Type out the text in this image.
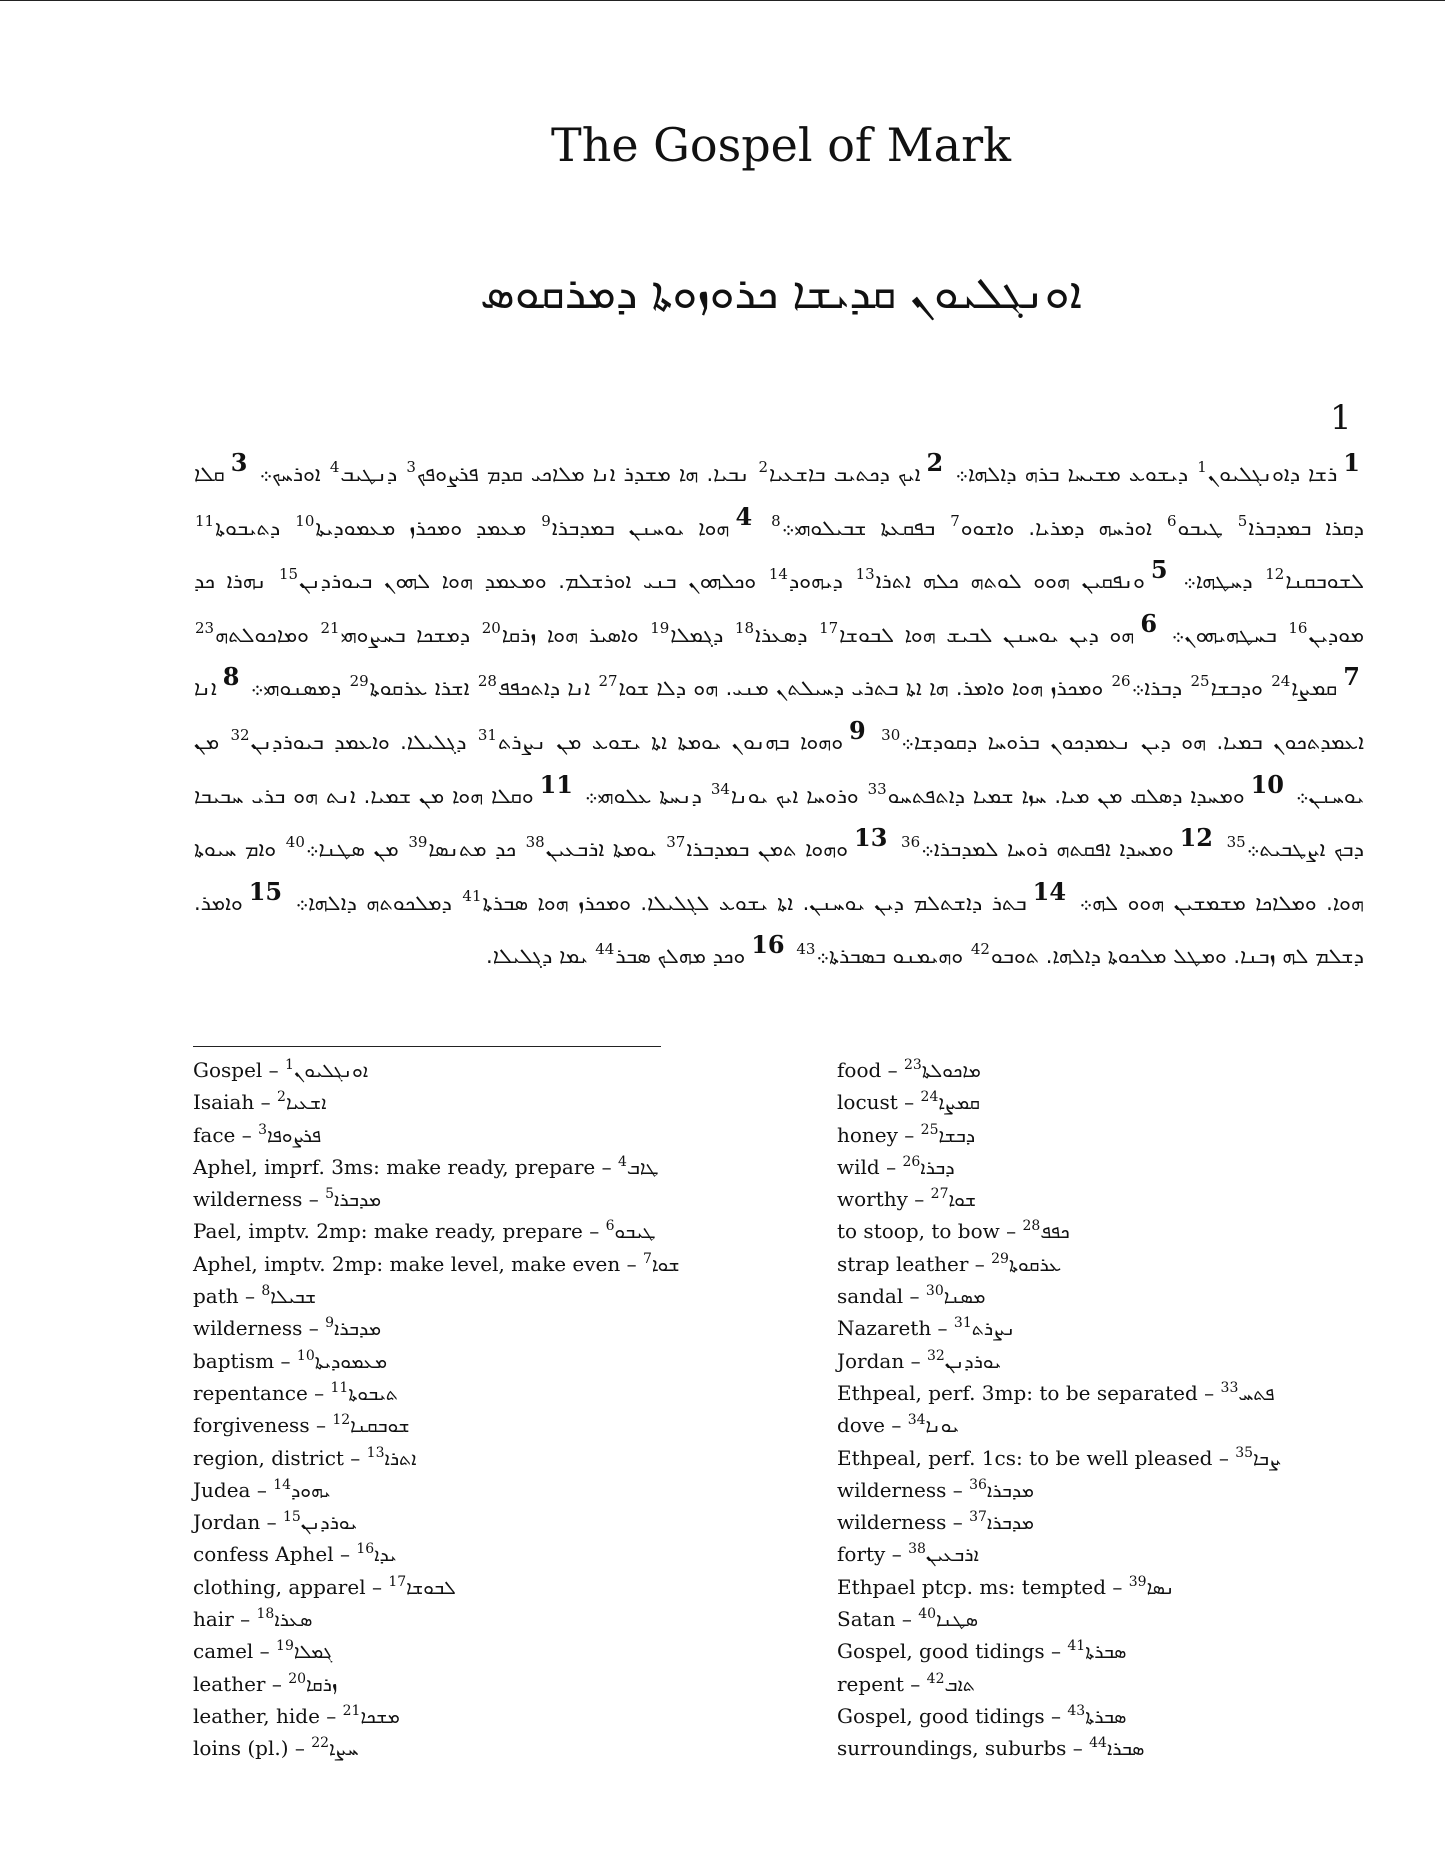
The Gospel of Mark
ܐܘܢܓܠܝܘܢ ܩܕܝܫܐ ܟܪܘܙܘܬܐ ܕܡܪܩܘܣ
1
1ܪܫܐ ܕܐܘܢܓܠܝܘܢ$^1$ ܕܝܫܘܥ ܡܫܝܚܐ ܒܪܗ ܕܐܠܗܐ܀ 2ܐܝܟ ܕܟܬܝܒ ܒܐܫܥܝܐ$^2$ ܢܒܝܐ. ܗܐ ܡܫܕܪ ܐܢܐ ܡܠܐܟܝ ܩܕܡ ܦܪܨܘܦܟ$^3$ ܕܢܛܝܒ$^4$ ܐܘܪܚܟ܀ 3ܩܠܐ ܕܩܪܐ ܒܡܕܒܪܐ$^5$ ܛܝܒܘ$^6$ ܐܘܪܚܗ ܕܡܪܝܐ. ܘܐܫܘܘ$^7$ ܒܦܩܥܬܐ ܫܒܝܠܘܗܝ܀$^8$ 4ܗܘܐ ܝܘܚܢܢ ܒܡܕܒܪܐ$^9$ ܡܥܡܕ ܘܡܟܪܙ ܡܥܡܘܕܝܬܐ$^{10}$ ܕܬܝܒܘܬܐ$^{11}$ ܠܫܘܒܩܢܐ$^{12}$ ܕܚܛܗܐ܀ 5ܘܢܦܩܝܢ ܗܘܘ ܠܘܬܗ ܟܠܗ ܐܬܪܐ$^{13}$ ܕܝܗܘܕ$^{14}$ ܘܟܠܗܘܢ ܒܢܝ ܐܘܪܫܠܡ. ܘܡܥܡܕ ܗܘܐ ܠܗܘܢ ܒܝܘܪܕܢܢ$^{15}$ ܢܗܪܐ ܟܕ ܡܘܕܝܢ$^{16}$ ܒܚܛܗܝܗܘܢ܀ 6ܗܘ ܕܝܢ ܝܘܚܢܢ ܠܒܝܫ ܗܘܐ ܠܒܘܫܐ$^{17}$ ܕܣܥܪܐ$^{18}$ ܕܓܡܠܐ$^{19}$ ܘܐܣܝܪ ܗܘܐ ܙܪܩܐ$^{20}$ ܕܡܫܟܐ ܒܚܨܘܗܝ$^{21}$ ܘܡܐܟܘܠܬܗ$^{23}$ 7ܩܡܨܐ$^{24}$ ܘܕܒܫܐ$^{25}$ ܕܒܪܐ܀$^{26}$ ܘܡܟܪܙ ܗܘܐ ܘܐܡܪ. ܗܐ ܐܬܐ ܒܬܪܝ ܕܚܝܠܬܢ ܡܢܝ. ܗܘ ܕܠܐ ܫܘܐ$^{27}$ ܐܢܐ ܕܐܬܟܦܦ$^{28}$ ܐܫܪܐ ܥܪܩܘܬܐ$^{29}$ ܕܡܣܢܘܗܝ܀ 8ܐܢܐ ܐܥܡܕܬܟܘܢ ܒܡܝܐ. ܗܘ ܕܝܢ ܢܥܡܕܟܘܢ ܒܪܘܚܐ ܕܩܘܕܫܐ܀$^{30}$ 9ܘܗܘܐ ܒܗܢܘܢ ܝܘܡܬܐ ܐܬܐ ܝܫܘܥ ܡܢ ܢܨܪܬ$^{31}$ ܕܓܠܝܠܐ. ܘܐܥܡܕ ܒܝܘܪܕܢܢ$^{32}$ ܡܢ ܝܘܚܢܢ܀ 10ܘܡܚܕܐ ܕܣܠܩ ܡܢ ܡܝܐ. ܚܙܐ ܫܡܝܐ ܕܐܬܦܬܚܘ$^{33}$ ܘܪܘܚܐ ܐܝܟ ܝܘܢܐ$^{34}$ ܕܢܚܬܐ ܥܠܘܗܝ܀ 11ܘܩܠܐ ܗܘܐ ܡܢ ܫܡܝܐ. ܐܢܬ ܗܘ ܒܪܝ ܚܒܝܒܐ ܕܒܟ ܐܨܛܒܝܬ܀$^{35}$ 12ܘܡܚܕܐ ܐܦܩܬܗ ܪܘܚܐ ܠܡܕܒܪܐ܀$^{36}$ 13ܘܗܘܐ ܬܡܢ ܒܡܕܒܪܐ$^{37}$ ܝܘܡܬܐ ܐܪܒܥܝܢ$^{38}$ ܟܕ ܡܬܢܣܐ$^{39}$ ܡܢ ܣܛܢܐ܀$^{40}$ ܘܐܡ ܚܝܘܬܐ ܗܘܐ. ܘܡܠܐܟܐ ܡܫܡܫܝܢ ܗܘܘ ܠܗ܀ 14ܒܬܪ ܕܐܫܬܠܡ ܕܝܢ ܝܘܚܢܢ. ܐܬܐ ܝܫܘܥ ܠܓܠܝܠܐ. ܘܡܟܪܙ ܗܘܐ ܣܒܪܬܐ$^{41}$ ܕܡܠܟܘܬܗ ܕܐܠܗܐ܀ 15ܘܐܡܪ. ܕܫܠܡ ܠܗ ܙܒܢܐ. ܘܡܛܠ ܡܠܟܘܬܐ ܕܐܠܗܐ. ܬܘܒܘ$^{42}$ ܘܗܝܡܢܘ ܒܣܒܪܬܐ܀$^{43}$ 16ܘܟܕ ܡܗܠܟ ܣܒܪ$^{44}$ ܝܡܐ ܕܓܠܝܠܐ.
Gospel – ܐܘܢܓܠܝܘܢ$^1$
Isaiah – ܐܫܥܝܐ$^2$
face – ܦܪܨܘܦܐ$^3$
Aphel, imprf. 3ms: make ready, prepare – ܛܐܒ$^4$
wilderness – ܡܕܒܪܐ$^5$
Pael, imptv. 2mp: make ready, prepare – ܛܝܒܘ$^6$
Aphel, imptv. 2mp: make level, make even – ܫܘܐ$^7$
path – ܫܒܝܠܐ$^8$
wilderness – ܡܕܒܪܐ$^9$
baptism – ܡܥܡܘܕܝܬܐ$^{10}$
repentance – ܬܝܒܘܬܐ$^{11}$
forgiveness – ܫܘܒܩܢܐ$^{12}$
region, district – ܐܬܪܐ$^{13}$
Judea – ܝܗܘܕ$^{14}$
Jordan – ܝܘܪܕܢܢ$^{15}$
confess Aphel – ܝܕܐ$^{16}$
clothing, apparel – ܠܒܘܫܐ$^{17}$
hair – ܣܥܪܐ$^{18}$
camel – ܓܡܠܐ$^{19}$
leather – ܙܪܩܐ$^{20}$
leather, hide – ܡܫܟܐ$^{21}$
loins (pl.) – ܚܨܐ$^{22}$
food – ܡܐܟܘܠܬܐ$^{23}$
locust – ܩܡܨܐ$^{24}$
honey – ܕܒܫܐ$^{25}$
wild – ܕܒܪܐ$^{26}$
worthy – ܫܘܐ$^{27}$
to stoop, to bow – ܟܦܦ$^{28}$
strap leather – ܥܪܩܘܬܐ$^{29}$
sandal – ܡܣܢܐ$^{30}$
Nazareth – ܢܨܪܬ$^{31}$
Jordan – ܝܘܪܕܢܢ$^{32}$
Ethpeal, perf. 3mp: to be separated – ܦܬܚ$^{33}$
dove – ܝܘܢܐ$^{34}$
Ethpeal, perf. 1cs: to be well pleased – ܨܒܐ$^{35}$
wilderness – ܡܕܒܪܐ$^{36}$
wilderness – ܡܕܒܪܐ$^{37}$
forty – ܐܪܒܥܝܢ$^{38}$
Ethpael ptcp. ms: tempted – ܢܣܐ$^{39}$
Satan – ܣܛܢܐ$^{40}$
Gospel, good tidings – ܣܒܪܬܐ$^{41}$
repent – ܬܐܒ$^{42}$
Gospel, good tidings – ܣܒܪܬܐ$^{43}$
surroundings, suburbs – ܣܒܪܐ$^{44}$
